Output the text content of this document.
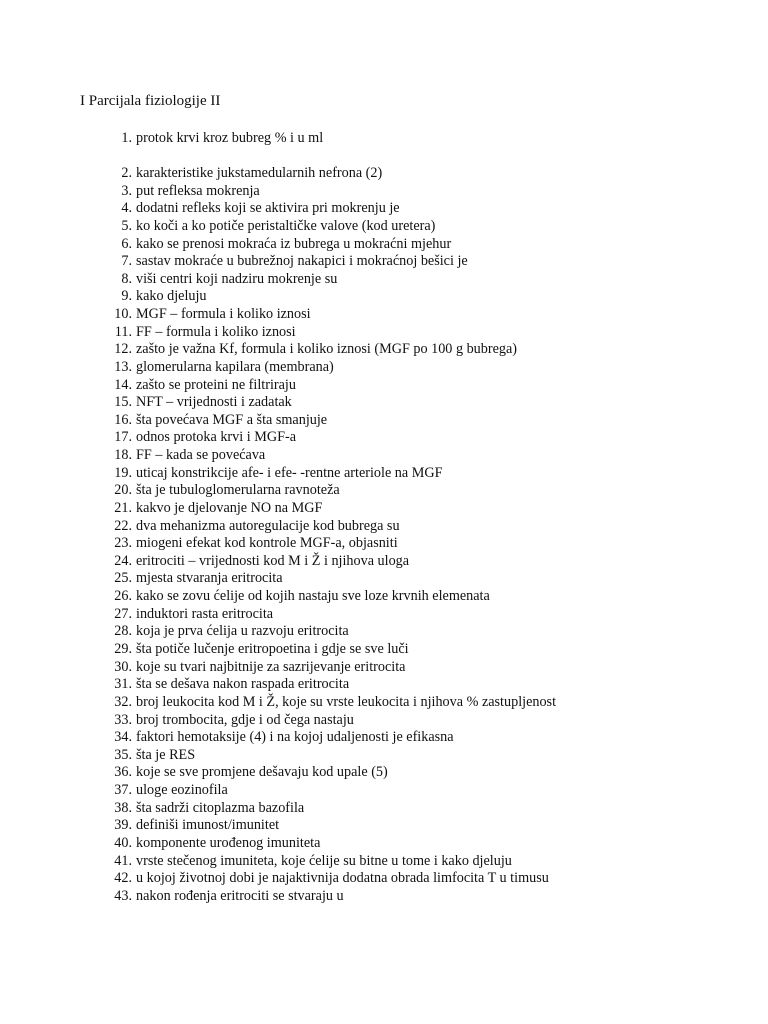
I Parcijala fiziologije II
1. protok krvi kroz bubreg % i u ml
2. karakteristike jukstamedularnih nefrona (2)
3. put refleksa mokrenja
4. dodatni refleks koji se aktivira pri mokrenju je
5. ko koči a ko potiče peristaltičke valove (kod uretera)
6. kako se prenosi mokraća iz bubrega u mokraćni mjehur
7. sastav mokraće u bubrežnoj nakapici i mokraćnoj bešici je
8. viši centri koji nadziru mokrenje su
9. kako djeluju
10. MGF – formula i koliko iznosi
11. FF – formula i koliko iznosi
12. zašto je važna Kf, formula i koliko iznosi (MGF po 100 g bubrega)
13. glomerularna kapilara (membrana)
14. zašto se proteini ne filtriraju
15. NFT – vrijednosti i zadatak
16. šta povećava MGF a šta smanjuje
17. odnos protoka krvi i MGF-a
18. FF – kada se povećava
19. uticaj konstrikcije afe- i efe- -rentne arteriole na MGF
20. šta je tubuloglomerularna ravnoteža
21. kakvo je djelovanje NO na MGF
22. dva mehanizma autoregulacije kod bubrega su
23. miogeni efekat kod kontrole MGF-a, objasniti
24. eritrociti – vrijednosti kod M i Ž i njihova uloga
25. mjesta stvaranja eritrocita
26. kako se zovu ćelije od kojih nastaju sve loze krvnih elemenata
27. induktori rasta eritrocita
28. koja je prva ćelija u razvoju eritrocita
29. šta potiče lučenje eritropoetina i gdje se sve luči
30. koje su tvari najbitnije za sazrijevanje eritrocita
31. šta se dešava nakon raspada eritrocita
32. broj leukocita kod M i Ž, koje su vrste leukocita i njihova % zastupljenost
33. broj trombocita, gdje i od čega nastaju
34. faktori hemotaksije (4) i na kojoj udaljenosti je efikasna
35. šta je RES
36. koje se sve promjene dešavaju kod upale (5)
37. uloge eozinofila
38. šta sadrži citoplazma bazofila
39. definiši imunost/imunitet
40. komponente urođenog imuniteta
41. vrste stečenog imuniteta, koje ćelije su bitne u tome i kako djeluju
42. u kojoj životnoj dobi je najaktivnija dodatna obrada limfocita T u timusu
43. nakon rođenja eritrociti se stvaraju u
